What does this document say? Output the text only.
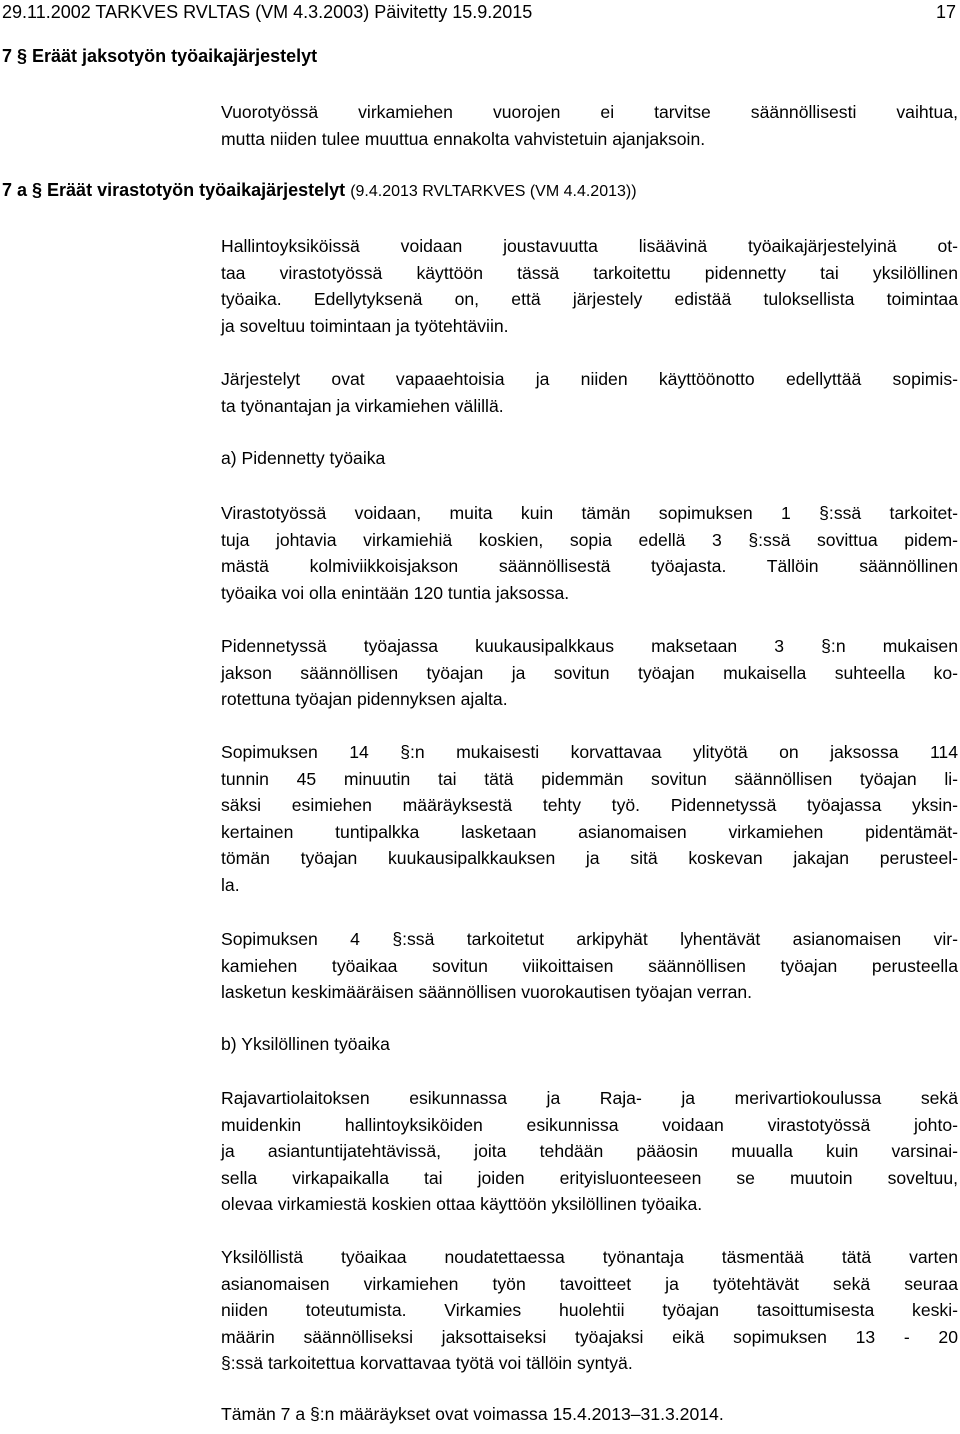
29.11.2002 TARKVES RVLTAS (VM 4.3.2003) Päivitetty 15.9.2015	17
7 § Eräät jaksotyön työaikajärjestelyt

Vuorotyössä virkamiehen vuorojen ei tarvitse säännöllisesti vaihtua,
mutta niiden tulee muuttua ennakolta vahvistetuin ajanjaksoin.

7 a § Eräät virastotyön työaikajärjestelyt (9.4.2013 RVLTARKVES (VM 4.4.2013))

Hallintoyksiköissä voidaan joustavuutta lisäävinä työaikajärjestelyinä ot-
taa virastotyössä käyttöön tässä tarkoitettu pidennetty tai yksilöllinen
työaika. Edellytyksenä on, että järjestely edistää tuloksellista toimintaa
ja soveltuu toimintaan ja työtehtäviin.

Järjestelyt ovat vapaaehtoisia ja niiden käyttöönotto edellyttää sopimis-
ta työnantajan ja virkamiehen välillä.

a) Pidennetty työaika

Virastotyössä voidaan, muita kuin tämän sopimuksen 1 §:ssä tarkoitet-
tuja johtavia virkamiehiä koskien, sopia edellä 3 §:ssä sovittua pidem-
mästä kolmiviikkoisjakson säännöllisestä työajasta. Tällöin säännöllinen
työaika voi olla enintään 120 tuntia jaksossa.

Pidennetyssä työajassa kuukausipalkkaus maksetaan 3 §:n mukaisen
jakson säännöllisen työajan ja sovitun työajan mukaisella suhteella ko-
rotettuna työajan pidennyksen ajalta.

Sopimuksen 14 §:n mukaisesti korvattavaa ylityötä on jaksossa 114
tunnin 45 minuutin tai tätä pidemmän sovitun säännöllisen työajan li-
säksi esimiehen määräyksestä tehty työ. Pidennetyssä työajassa yksin-
kertainen tuntipalkka lasketaan asianomaisen virkamiehen pidentämät-
tömän työajan kuukausipalkkauksen ja sitä koskevan jakajan perusteel-
la.

Sopimuksen 4 §:ssä tarkoitetut arkipyhät lyhentävät asianomaisen vir-
kamiehen työaikaa sovitun viikoittaisen säännöllisen työajan perusteella
lasketun keskimääräisen säännöllisen vuorokautisen työajan verran.

b) Yksilöllinen työaika

Rajavartiolaitoksen esikunnassa ja Raja- ja merivartiokoulussa sekä
muidenkin hallintoyksiköiden esikunnissa voidaan virastotyössä johto-
ja asiantuntijatehtävissä, joita tehdään pääosin muualla kuin varsinai-
sella virkapaikalla tai joiden erityisluonteeseen se muutoin soveltuu,
olevaa virkamiestä koskien ottaa käyttöön yksilöllinen työaika.

Yksilöllistä työaikaa noudatettaessa työnantaja täsmentää tätä varten
asianomaisen virkamiehen työn tavoitteet ja työtehtävät sekä seuraa
niiden toteutumista. Virkamies huolehtii työajan tasoittumisesta keski-
määrin säännölliseksi jaksottaiseksi työajaksi eikä sopimuksen 13 - 20
§:ssä tarkoitettua korvattavaa työtä voi tällöin syntyä.

Tämän 7 a §:n määräykset ovat voimassa 15.4.2013–31.3.2014.
